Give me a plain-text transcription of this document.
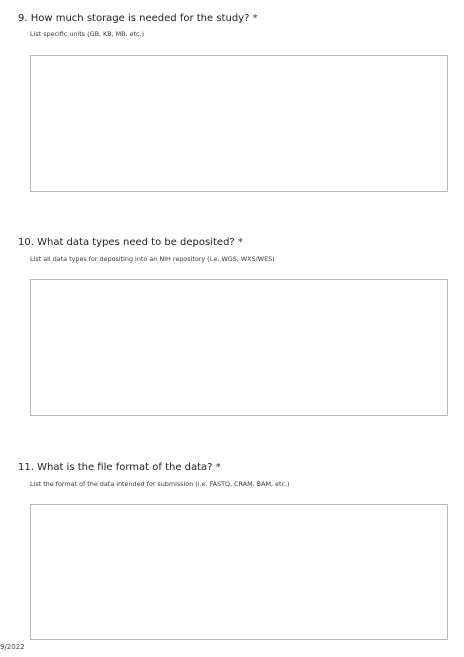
9. How much storage is needed for the study? *
List specific units (GB, KB, MB, etc.)
10. What data types need to be deposited? *
List all data types for depositing into an NIH repository (i.e. WGS, WXS/WES)
11. What is the file format of the data? *
List the format of the data intended for submission (i.e. FASTQ, CRAM, BAM, etc.)
9/2022
